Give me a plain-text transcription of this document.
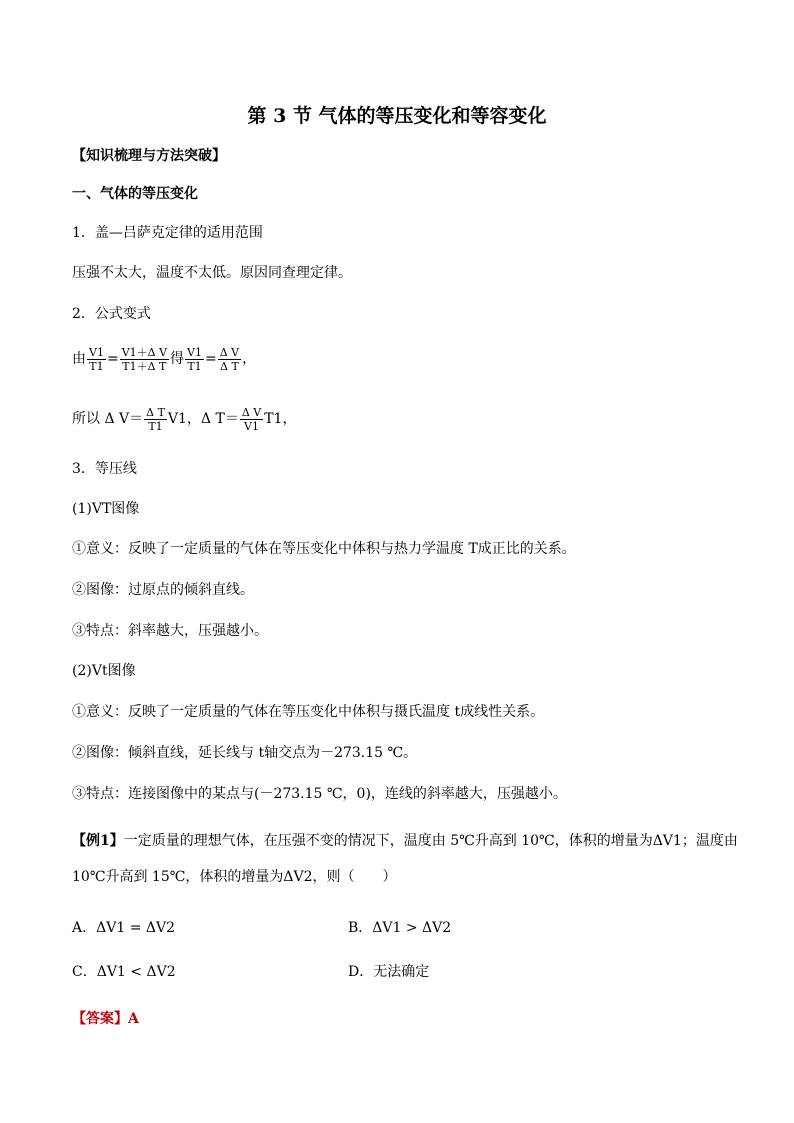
第 3 节 气体的等压变化和等容变化
【知识梳理与方法突破】
一、气体的等压变化
1．盖—吕萨克定律的适用范围
压强不太大，温度不太低。原因同查理定律。
2．公式变式
由 $\frac{V1}{T1} = \frac{\text{V1＋Δ V}}{\text{T1＋Δ T}}$ 得 $\frac{V1}{T1} = \frac{\text{Δ V}}{\text{Δ T}}$ ，
所以 Δ $V= \frac{\text{Δ T}}{T1} V1$，Δ $T= \frac{\text{Δ V}}{V1} T1$，
3．等压线
(1)VT图像
①意义：反映了一定质量的气体在等压变化中体积与热力学温度 T成正比的关系。
②图像：过原点的倾斜直线。
③特点：斜率越大，压强越小。
(2)Vt图像
①意义：反映了一定质量的气体在等压变化中体积与摄氏温度 t成线性关系。
②图像：倾斜直线，延长线与 t轴交点为－273.15 ℃。
③特点：连接图像中的某点与(－273.15 ℃，0)，连线的斜率越大，压强越小。
【例1】一定质量的理想气体，在压强不变的情况下，温度由 5℃升高到 10℃，体积的增量为ΔV1；温度由
10℃升高到 15℃，体积的增量为ΔV2，则（　　）
A．ΔV1 = ΔV2	B．ΔV1 > ΔV2
C．ΔV1 < ΔV2	D．无法确定
【答案】A
